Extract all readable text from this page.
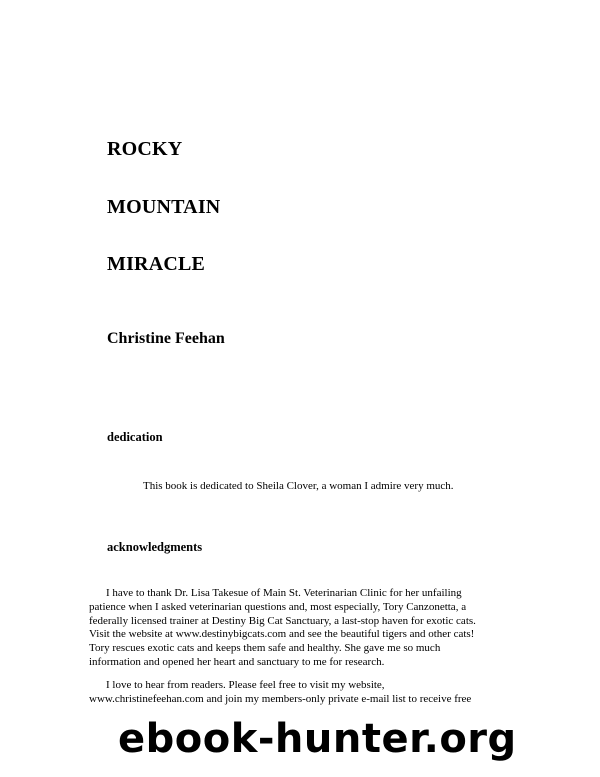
ROCKY
MOUNTAIN
MIRACLE
Christine Feehan
dedication

This book is dedicated to Sheila Clover, a woman I admire very much.

acknowledgments

I have to thank Dr. Lisa Takesue of Main St. Veterinarian Clinic for her unfailing
patience when I asked veterinarian questions and, most especially, Tory Canzonetta, a
federally licensed trainer at Destiny Big Cat Sanctuary, a last-stop haven for exotic cats.
Visit the website at www.destinybigcats.com and see the beautiful tigers and other cats!
Tory rescues exotic cats and keeps them safe and healthy. She gave me so much
information and opened her heart and sanctuary to me for research.

I love to hear from readers. Please feel free to visit my website,
www.christinefeehan.com and join my members-only private e-mail list to receive free

ebook-hunter.org
